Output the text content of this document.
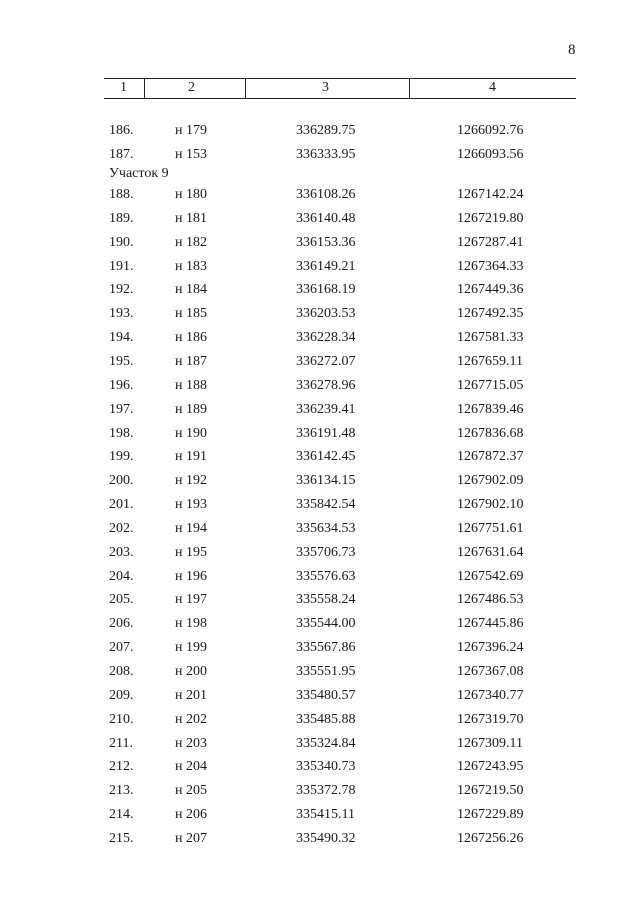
8
1	2	3	4
186.	н 179	336289.75	1266092.76
187.	н 153	336333.95	1266093.56
188.	н 180	336108.26	1267142.24
189.	н 181	336140.48	1267219.80
190.	н 182	336153.36	1267287.41
191.	н 183	336149.21	1267364.33
192.	н 184	336168.19	1267449.36
193.	н 185	336203.53	1267492.35
194.	н 186	336228.34	1267581.33
195.	н 187	336272.07	1267659.11
196.	н 188	336278.96	1267715.05
197.	н 189	336239.41	1267839.46
198.	н 190	336191.48	1267836.68
199.	н 191	336142.45	1267872.37
200.	н 192	336134.15	1267902.09
201.	н 193	335842.54	1267902.10
202.	н 194	335634.53	1267751.61
203.	н 195	335706.73	1267631.64
204.	н 196	335576.63	1267542.69
205.	н 197	335558.24	1267486.53
206.	н 198	335544.00	1267445.86
207.	н 199	335567.86	1267396.24
208.	н 200	335551.95	1267367.08
209.	н 201	335480.57	1267340.77
210.	н 202	335485.88	1267319.70
211.	н 203	335324.84	1267309.11
212.	н 204	335340.73	1267243.95
213.	н 205	335372.78	1267219.50
214.	н 206	335415.11	1267229.89
215.	н 207	335490.32	1267256.26
Участок 9
